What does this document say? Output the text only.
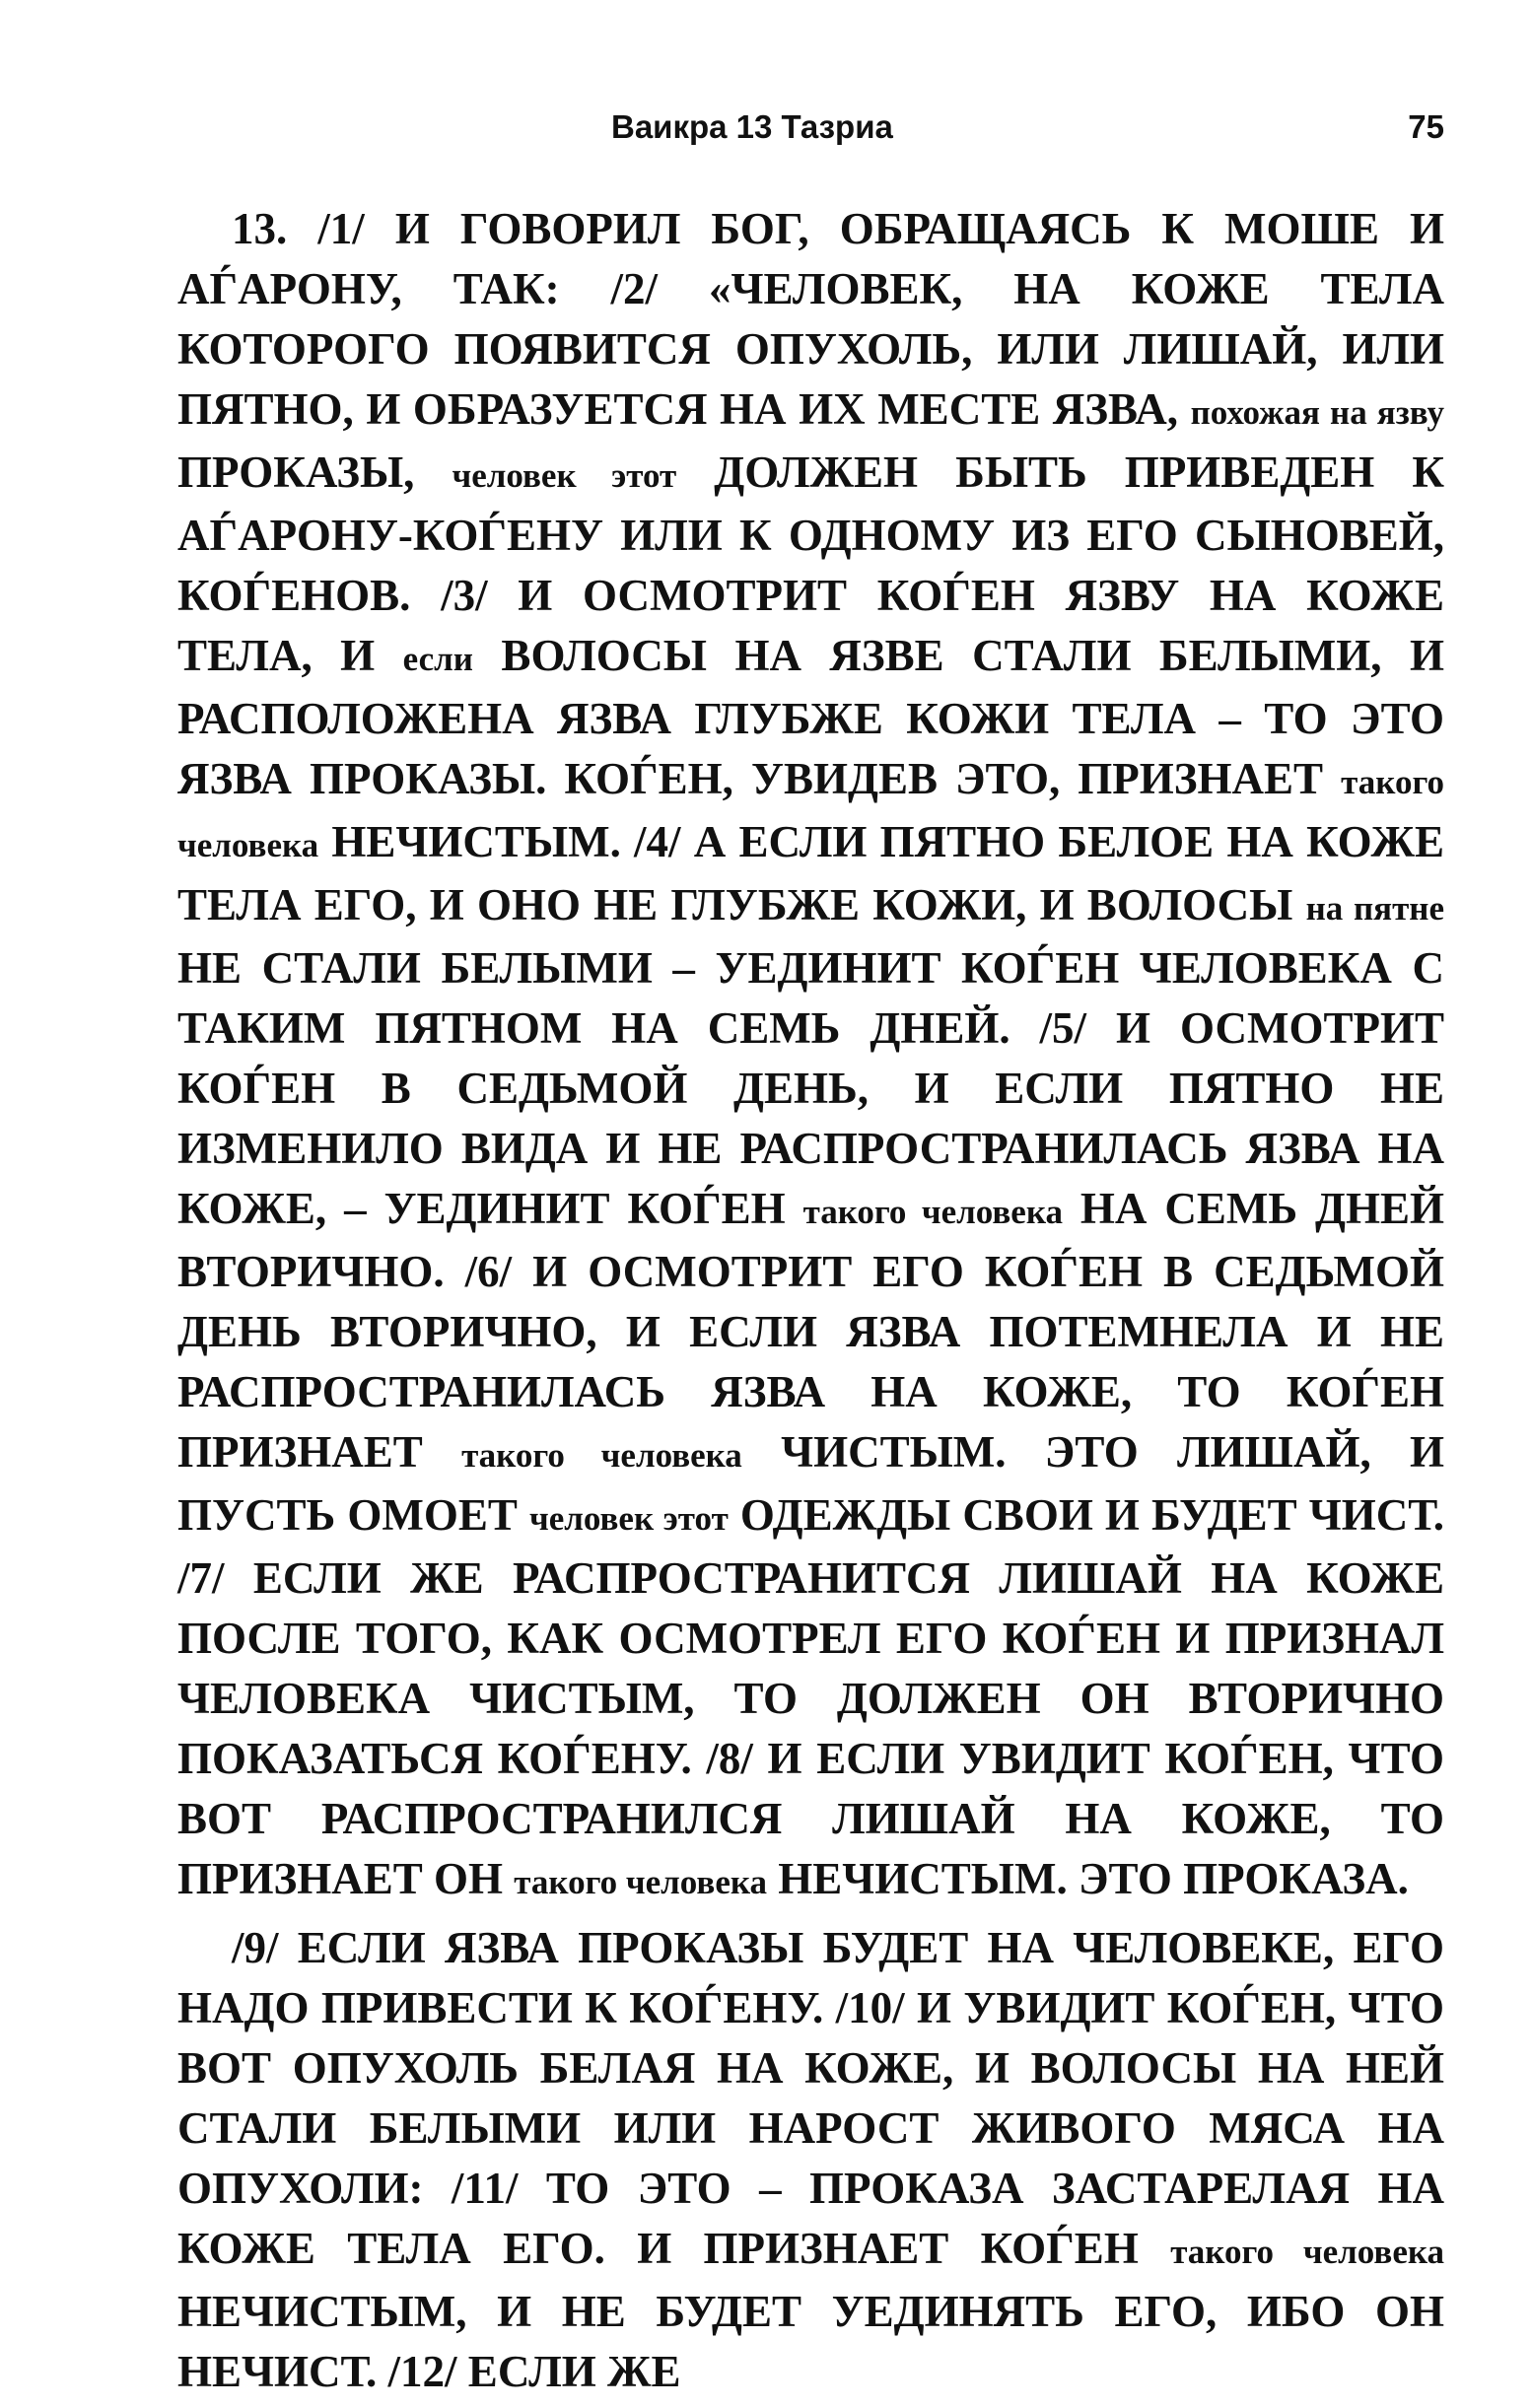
Ваикра 13 Тазриа	75

13. /1/ И ГОВОРИЛ БОГ, ОБРАЩАЯСЬ К МОШЕ И АЃАРОНУ, ТАК: /2/ «ЧЕЛОВЕК, НА КОЖЕ ТЕЛА КОТОРОГО ПОЯВИТСЯ ОПУХОЛЬ, ИЛИ ЛИШАЙ, ИЛИ ПЯТНО, И ОБРАЗУЕТСЯ НА ИХ МЕСТЕ ЯЗВА, похожая на язву ПРОКАЗЫ, человек этот ДОЛЖЕН БЫТЬ ПРИВЕДЕН К АЃАРОНУ-КОЃЕНУ ИЛИ К ОДНОМУ ИЗ ЕГО СЫНОВЕЙ, КОЃЕНОВ. /3/ И ОСМОТРИТ КОЃЕН ЯЗВУ НА КОЖЕ ТЕЛА, И если ВОЛОСЫ НА ЯЗВЕ СТАЛИ БЕЛЫМИ, И РАСПОЛОЖЕНА ЯЗВА ГЛУБЖЕ КОЖИ ТЕЛА – ТО ЭТО ЯЗВА ПРОКАЗЫ. КОЃЕН, УВИДЕВ ЭТО, ПРИЗНАЕТ такого человека НЕЧИСТЫМ. /4/ А ЕСЛИ ПЯТНО БЕЛОЕ НА КОЖЕ ТЕЛА ЕГО, И ОНО НЕ ГЛУБЖЕ КОЖИ, И ВОЛОСЫ на пятне НЕ СТАЛИ БЕЛЫМИ – УЕДИНИТ КОЃЕН ЧЕЛОВЕКА С ТАКИМ ПЯТНОМ НА СЕМЬ ДНЕЙ. /5/ И ОСМОТРИТ КОЃЕН В СЕДЬМОЙ ДЕНЬ, И ЕСЛИ ПЯТНО НЕ ИЗМЕНИЛО ВИДА И НЕ РАСПРОСТРАНИЛАСЬ ЯЗВА НА КОЖЕ, – УЕДИНИТ КОЃЕН такого человека НА СЕМЬ ДНЕЙ ВТОРИЧНО. /6/ И ОСМОТРИТ ЕГО КОЃЕН В СЕДЬМОЙ ДЕНЬ ВТОРИЧНО, И ЕСЛИ ЯЗВА ПОТЕМНЕЛА И НЕ РАСПРОСТРАНИЛАСЬ ЯЗВА НА КОЖЕ, ТО КОЃЕН ПРИЗНАЕТ такого человека ЧИСТЫМ. ЭТО ЛИШАЙ, И ПУСТЬ ОМОЕТ человек этот ОДЕЖДЫ СВОИ И БУДЕТ ЧИСТ. /7/ ЕСЛИ ЖЕ РАСПРОСТРАНИТСЯ ЛИШАЙ НА КОЖЕ ПОСЛЕ ТОГО, КАК ОСМОТРЕЛ ЕГО КОЃЕН И ПРИЗНАЛ ЧЕЛОВЕКА ЧИСТЫМ, ТО ДОЛЖЕН ОН ВТОРИЧНО ПОКАЗАТЬСЯ КОЃЕНУ. /8/ И ЕСЛИ УВИДИТ КОЃЕН, ЧТО ВОТ РАСПРОСТРАНИЛСЯ ЛИШАЙ НА КОЖЕ, ТО ПРИЗНАЕТ ОН такого человека НЕЧИСТЫМ. ЭТО ПРОКАЗА.

/9/ ЕСЛИ ЯЗВА ПРОКАЗЫ БУДЕТ НА ЧЕЛОВЕКЕ, ЕГО НАДО ПРИВЕСТИ К КОЃЕНУ. /10/ И УВИДИТ КОЃЕН, ЧТО ВОТ ОПУХОЛЬ БЕЛАЯ НА КОЖЕ, И ВОЛОСЫ НА НЕЙ СТАЛИ БЕЛЫМИ ИЛИ НАРОСТ ЖИВОГО МЯСА НА ОПУХОЛИ: /11/ ТО ЭТО – ПРОКАЗА ЗАСТАРЕЛАЯ НА КОЖЕ ТЕЛА ЕГО. И ПРИЗНАЕТ КОЃЕН такого человека НЕЧИСТЫМ, И НЕ БУДЕТ УЕДИНЯТЬ ЕГО, ИБО ОН НЕЧИСТ. /12/ ЕСЛИ ЖЕ
